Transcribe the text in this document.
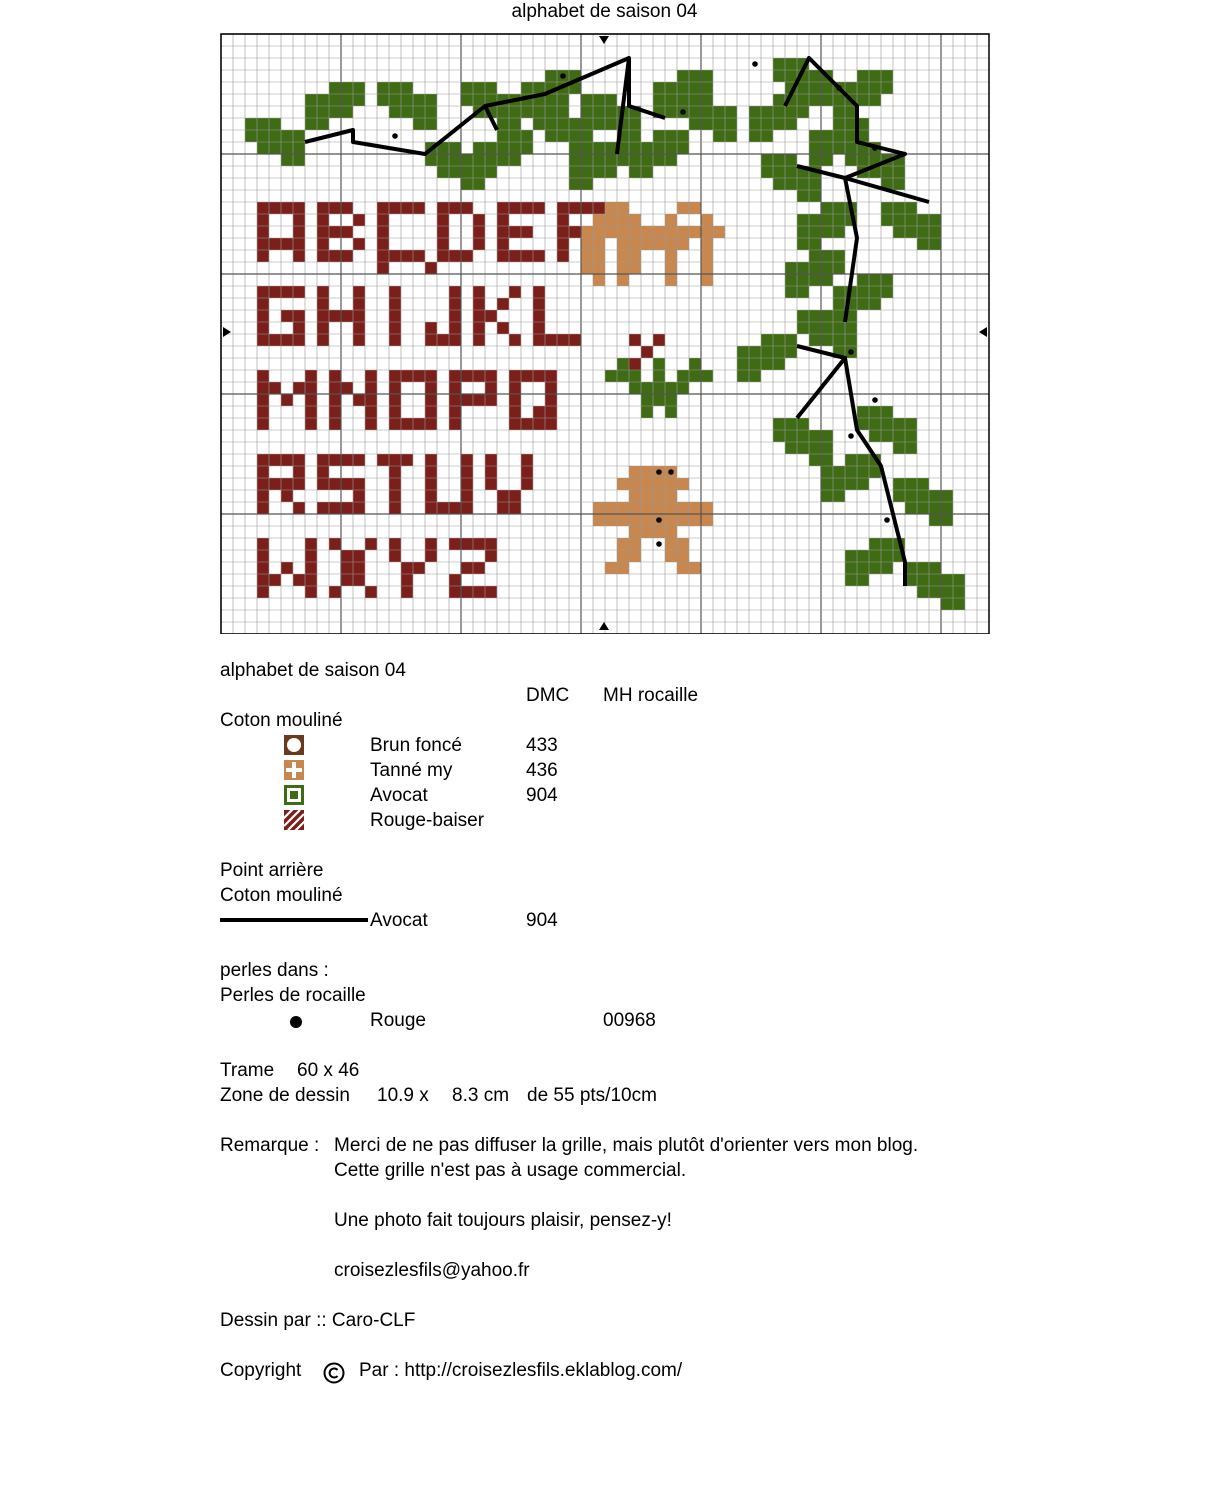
alphabet de saison 04
alphabet de saison 04
DMC MH rocaille
Coton mouliné
Brun foncé	433
Tanné my	436
Avocat	904
Rouge-baiser
Point arrière
Coton mouliné
Avocat	904
perles dans :
Perles de rocaille
Rouge	00968
Trame 60 x 46
Zone de dessin 10.9 x 8.3 cm de 55 pts/10cm
Remarque : Merci de ne pas diffuser la grille, mais plutôt d'orienter vers mon blog.
Cette grille n'est pas à usage commercial.
Une photo fait toujours plaisir, pensez-y!
croisezlesfils@yahoo.fr
Dessin par :: Caro-CLF
Copyright	Par : http://croisezlesfils.eklablog.com/
